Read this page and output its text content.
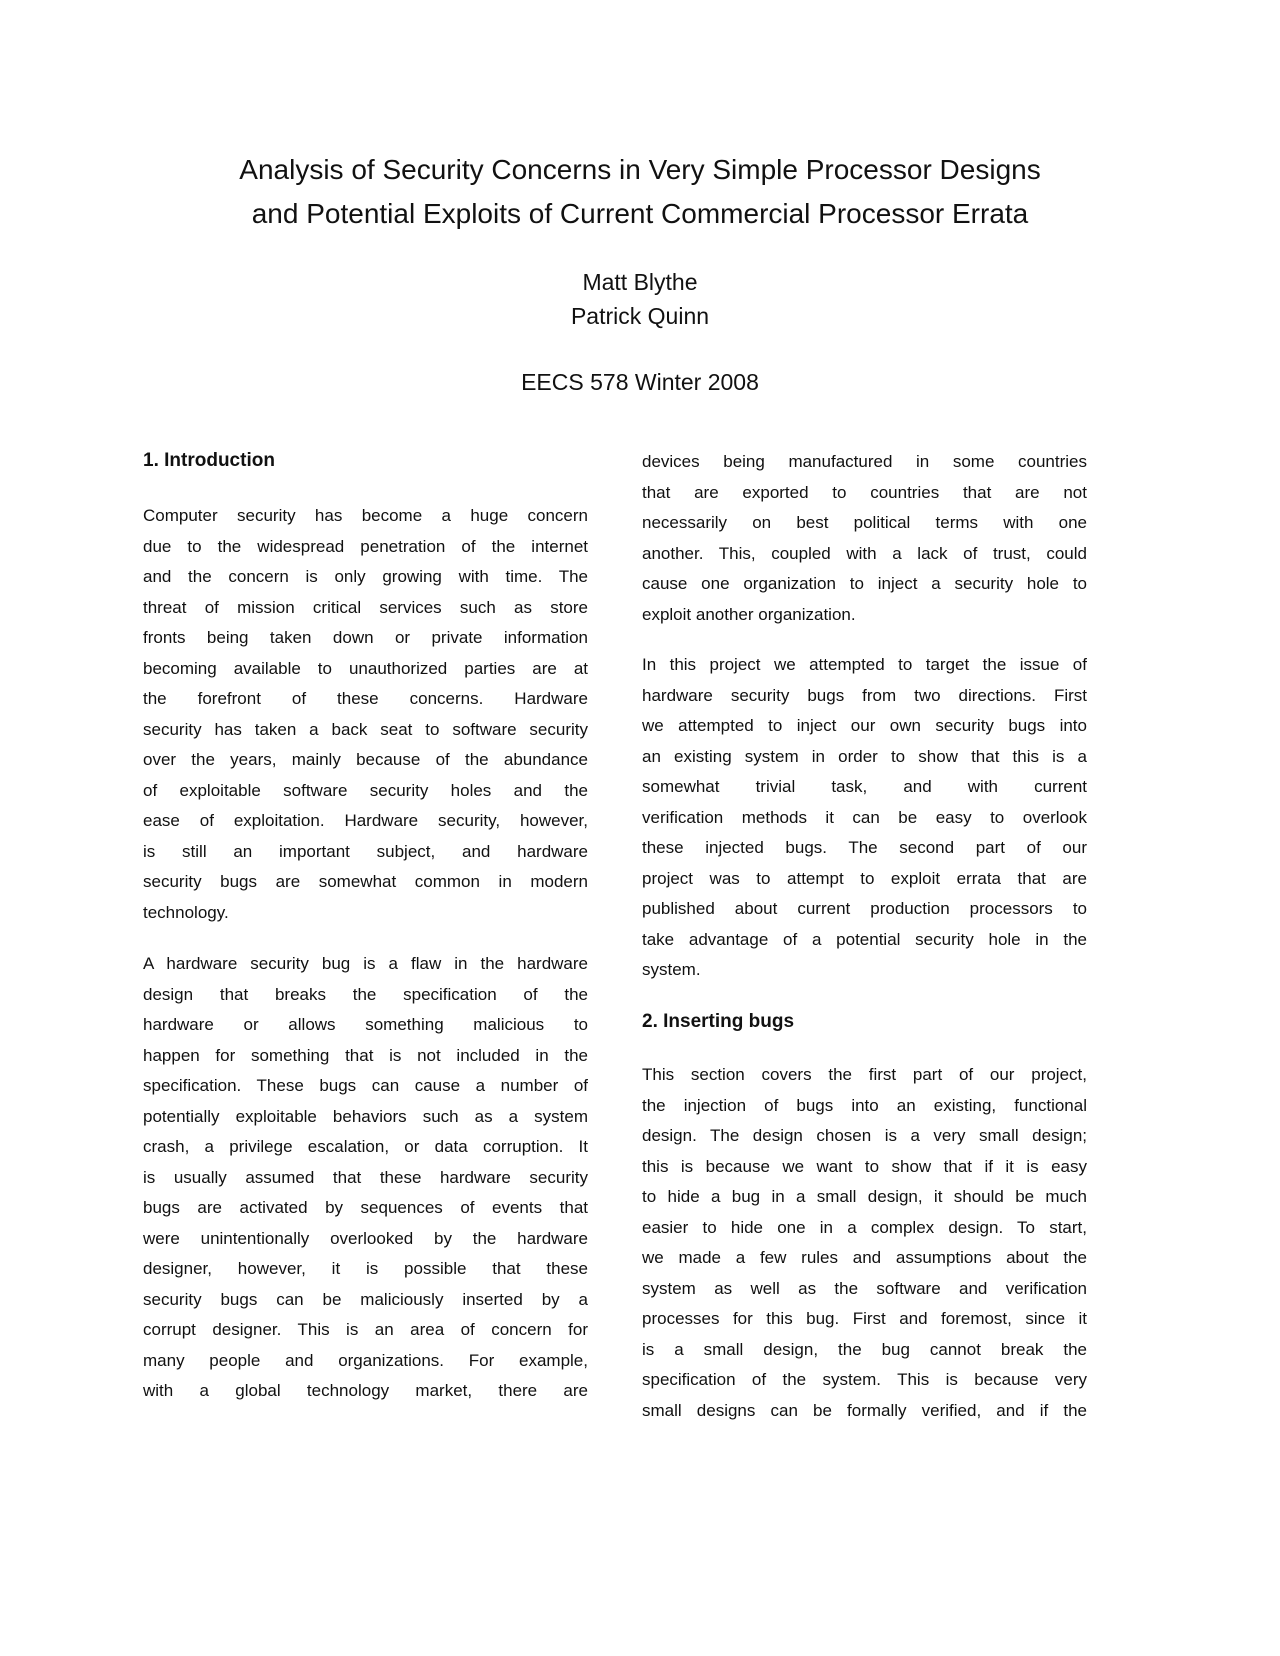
Analysis of Security Concerns in Very Simple Processor Designs
and Potential Exploits of Current Commercial Processor Errata
Matt Blythe
Patrick Quinn
EECS 578 Winter 2008
1. Introduction
Computer security has become a huge concern
due to the widespread penetration of the internet
and the concern is only growing with time. The
threat of mission critical services such as store
fronts being taken down or private information
becoming available to unauthorized parties are at
the forefront of these concerns. Hardware
security has taken a back seat to software security
over the years, mainly because of the abundance
of exploitable software security holes and the
ease of exploitation. Hardware security, however,
is still an important subject, and hardware
security bugs are somewhat common in modern
technology.
A hardware security bug is a flaw in the hardware
design that breaks the specification of the
hardware or allows something malicious to
happen for something that is not included in the
specification. These bugs can cause a number of
potentially exploitable behaviors such as a system
crash, a privilege escalation, or data corruption. It
is usually assumed that these hardware security
bugs are activated by sequences of events that
were unintentionally overlooked by the hardware
designer, however, it is possible that these
security bugs can be maliciously inserted by a
corrupt designer. This is an area of concern for
many people and organizations. For example,
with a global technology market, there are
devices being manufactured in some countries
that are exported to countries that are not
necessarily on best political terms with one
another. This, coupled with a lack of trust, could
cause one organization to inject a security hole to
exploit another organization.
In this project we attempted to target the issue of
hardware security bugs from two directions. First
we attempted to inject our own security bugs into
an existing system in order to show that this is a
somewhat trivial task, and with current
verification methods it can be easy to overlook
these injected bugs. The second part of our
project was to attempt to exploit errata that are
published about current production processors to
take advantage of a potential security hole in the
system.
2. Inserting bugs
This section covers the first part of our project,
the injection of bugs into an existing, functional
design. The design chosen is a very small design;
this is because we want to show that if it is easy
to hide a bug in a small design, it should be much
easier to hide one in a complex design. To start,
we made a few rules and assumptions about the
system as well as the software and verification
processes for this bug. First and foremost, since it
is a small design, the bug cannot break the
specification of the system. This is because very
small designs can be formally verified, and if the
